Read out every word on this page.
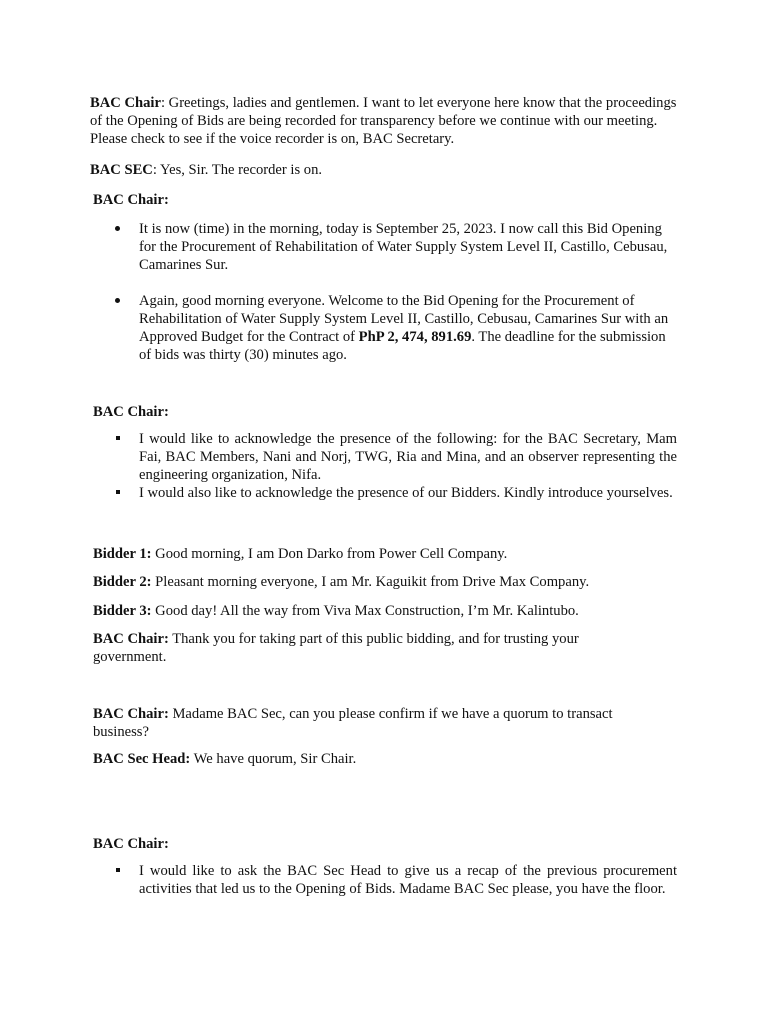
BAC Chair: Greetings, ladies and gentlemen. I want to let everyone here know that the proceedings of the Opening of Bids are being recorded for transparency before we continue with our meeting. Please check to see if the voice recorder is on, BAC Secretary.

BAC SEC: Yes, Sir. The recorder is on.

BAC Chair:

It is now (time) in the morning, today is September 25, 2023. I now call this Bid Opening for the Procurement of Rehabilitation of Water Supply System Level II, Castillo, Cebusau, Camarines Sur.
Again, good morning everyone. Welcome to the Bid Opening for the Procurement of Rehabilitation of Water Supply System Level II, Castillo, Cebusau, Camarines Sur with an Approved Budget for the Contract of PhP 2, 474, 891.69. The deadline for the submission of bids was thirty (30) minutes ago.

BAC Chair:

I would like to acknowledge the presence of the following: for the BAC Secretary, Mam Fai, BAC Members, Nani and Norj, TWG, Ria and Mina, and an observer representing the engineering organization, Nifa.
I would also like to acknowledge the presence of our Bidders. Kindly introduce yourselves.

Bidder 1: Good morning, I am Don Darko from Power Cell Company.

Bidder 2: Pleasant morning everyone, I am Mr. Kaguikit from Drive Max Company.

Bidder 3: Good day! All the way from Viva Max Construction, I’m Mr. Kalintubo.

BAC Chair: Thank you for taking part of this public bidding, and for trusting your government.

BAC Chair: Madame BAC Sec, can you please confirm if we have a quorum to transact business?

BAC Sec Head: We have quorum, Sir Chair.

BAC Chair:

I would like to ask the BAC Sec Head to give us a recap of the previous procurement activities that led us to the Opening of Bids. Madame BAC Sec please, you have the floor.
